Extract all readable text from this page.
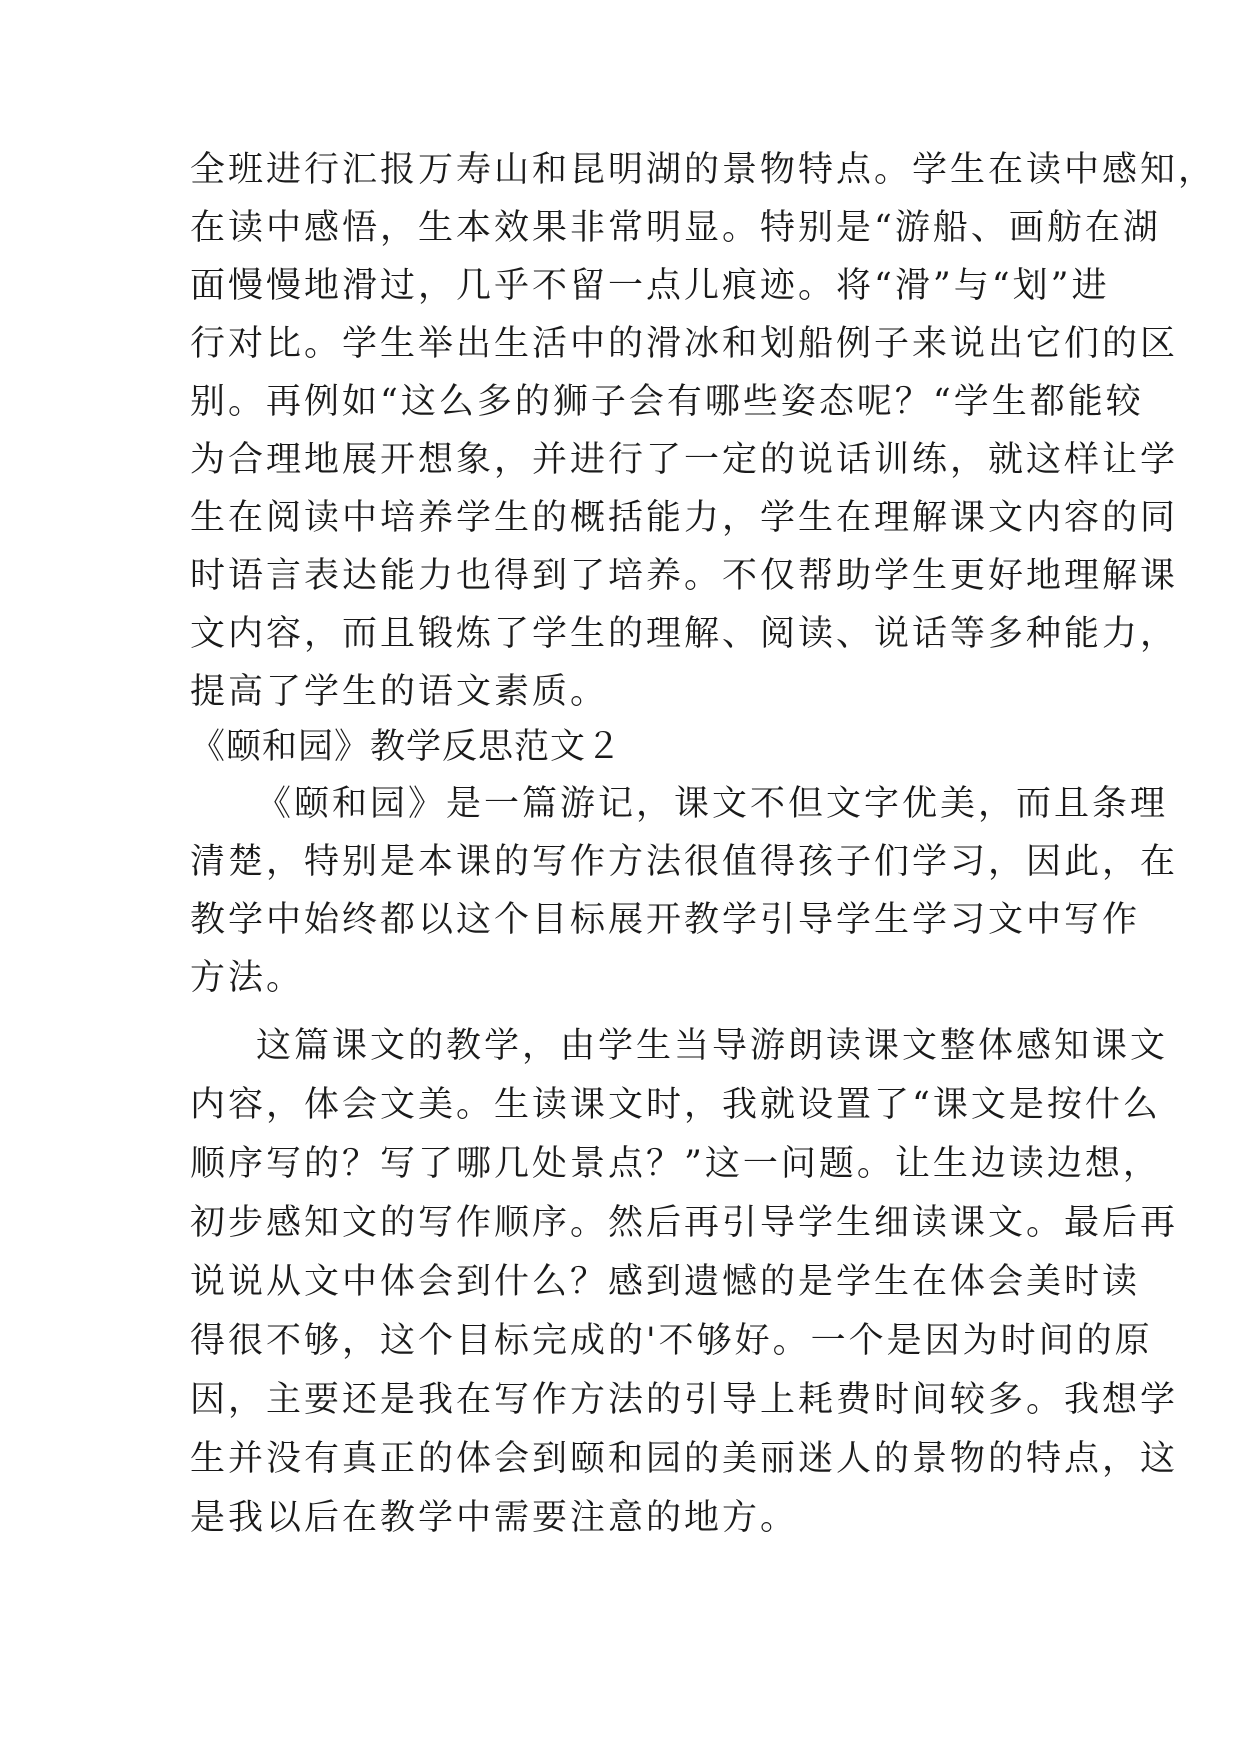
全班进行汇报万寿山和昆明湖的景物特点。学生在读中感知，
在读中感悟，生本效果非常明显。特别是“游船、画舫在湖
面慢慢地滑过，几乎不留一点儿痕迹。将“滑”与“划”进
行对比。学生举出生活中的滑冰和划船例子来说出它们的区
别。再例如“这么多的狮子会有哪些姿态呢？“学生都能较
为合理地展开想象，并进行了一定的说话训练，就这样让学
生在阅读中培养学生的概括能力，学生在理解课文内容的同
时语言表达能力也得到了培养。不仅帮助学生更好地理解课
文内容，而且锻炼了学生的理解、阅读、说话等多种能力，
提高了学生的语文素质。
《颐和园》教学反思范文２
《颐和园》是一篇游记，课文不但文字优美，而且条理
清楚，特别是本课的写作方法很值得孩子们学习，因此，在
教学中始终都以这个目标展开教学引导学生学习文中写作
方法。
这篇课文的教学，由学生当导游朗读课文整体感知课文
内容，体会文美。生读课文时，我就设置了“课文是按什么
顺序写的？写了哪几处景点？”这一问题。让生边读边想，
初步感知文的写作顺序。然后再引导学生细读课文。最后再
说说从文中体会到什么？感到遗憾的是学生在体会美时读
得很不够，这个目标完成的'不够好。一个是因为时间的原
因，主要还是我在写作方法的引导上耗费时间较多。我想学
生并没有真正的体会到颐和园的美丽迷人的景物的特点，这
是我以后在教学中需要注意的地方。
